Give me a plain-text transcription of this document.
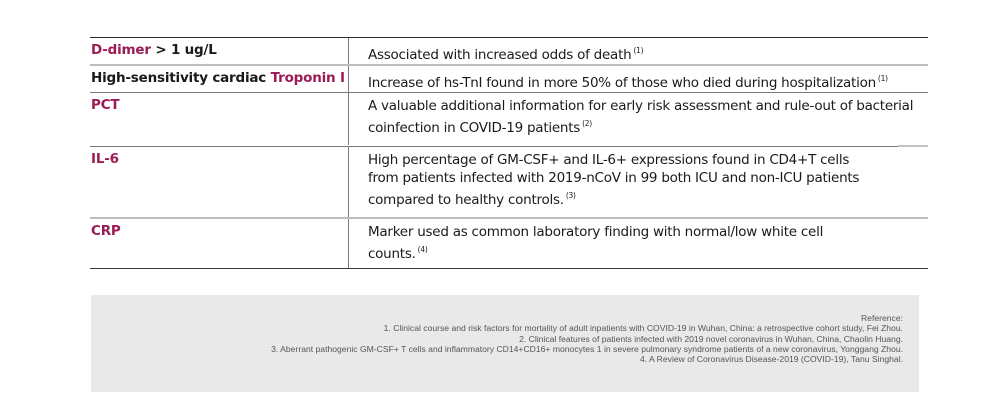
D-dimer > 1 ug/L	Associated with increased odds of death $^{(1)}$
High-sensitivity cardiac Troponin I	Increase of hs-TnI found in more 50% of those who died during hospitalization $^{(1)}$
PCT	A valuable additional information for early risk assessment and rule-out of bacterial
coinfection in COVID-19 patients $^{(2)}$
IL-6	High percentage of GM-CSF+ and IL-6+ expressions found in CD4+T cells
from patients infected with 2019-nCoV in 99 both ICU and non-ICU patients
compared to healthy controls. $^{(3)}$
CRP	Marker used as common laboratory finding with normal/low white cell
counts. $^{(4)}$
Reference:
1. Clinical course and risk factors for mortality of adult inpatients with COVID-19 in Wuhan, China: a retrospective cohort study, Fei Zhou.
2. Clinical features of patients infected with 2019 novel coronavirus in Wuhan, China, Chaolin Huang.
3. Aberrant pathogenic GM-CSF+ T cells and inflammatory CD14+CD16+ monocytes 1 in severe pulmonary syndrome patients of a new coronavirus, Yonggang Zhou.
4. A Review of Coronavirus Disease-2019 (COVID-19), Tanu Singhal.
